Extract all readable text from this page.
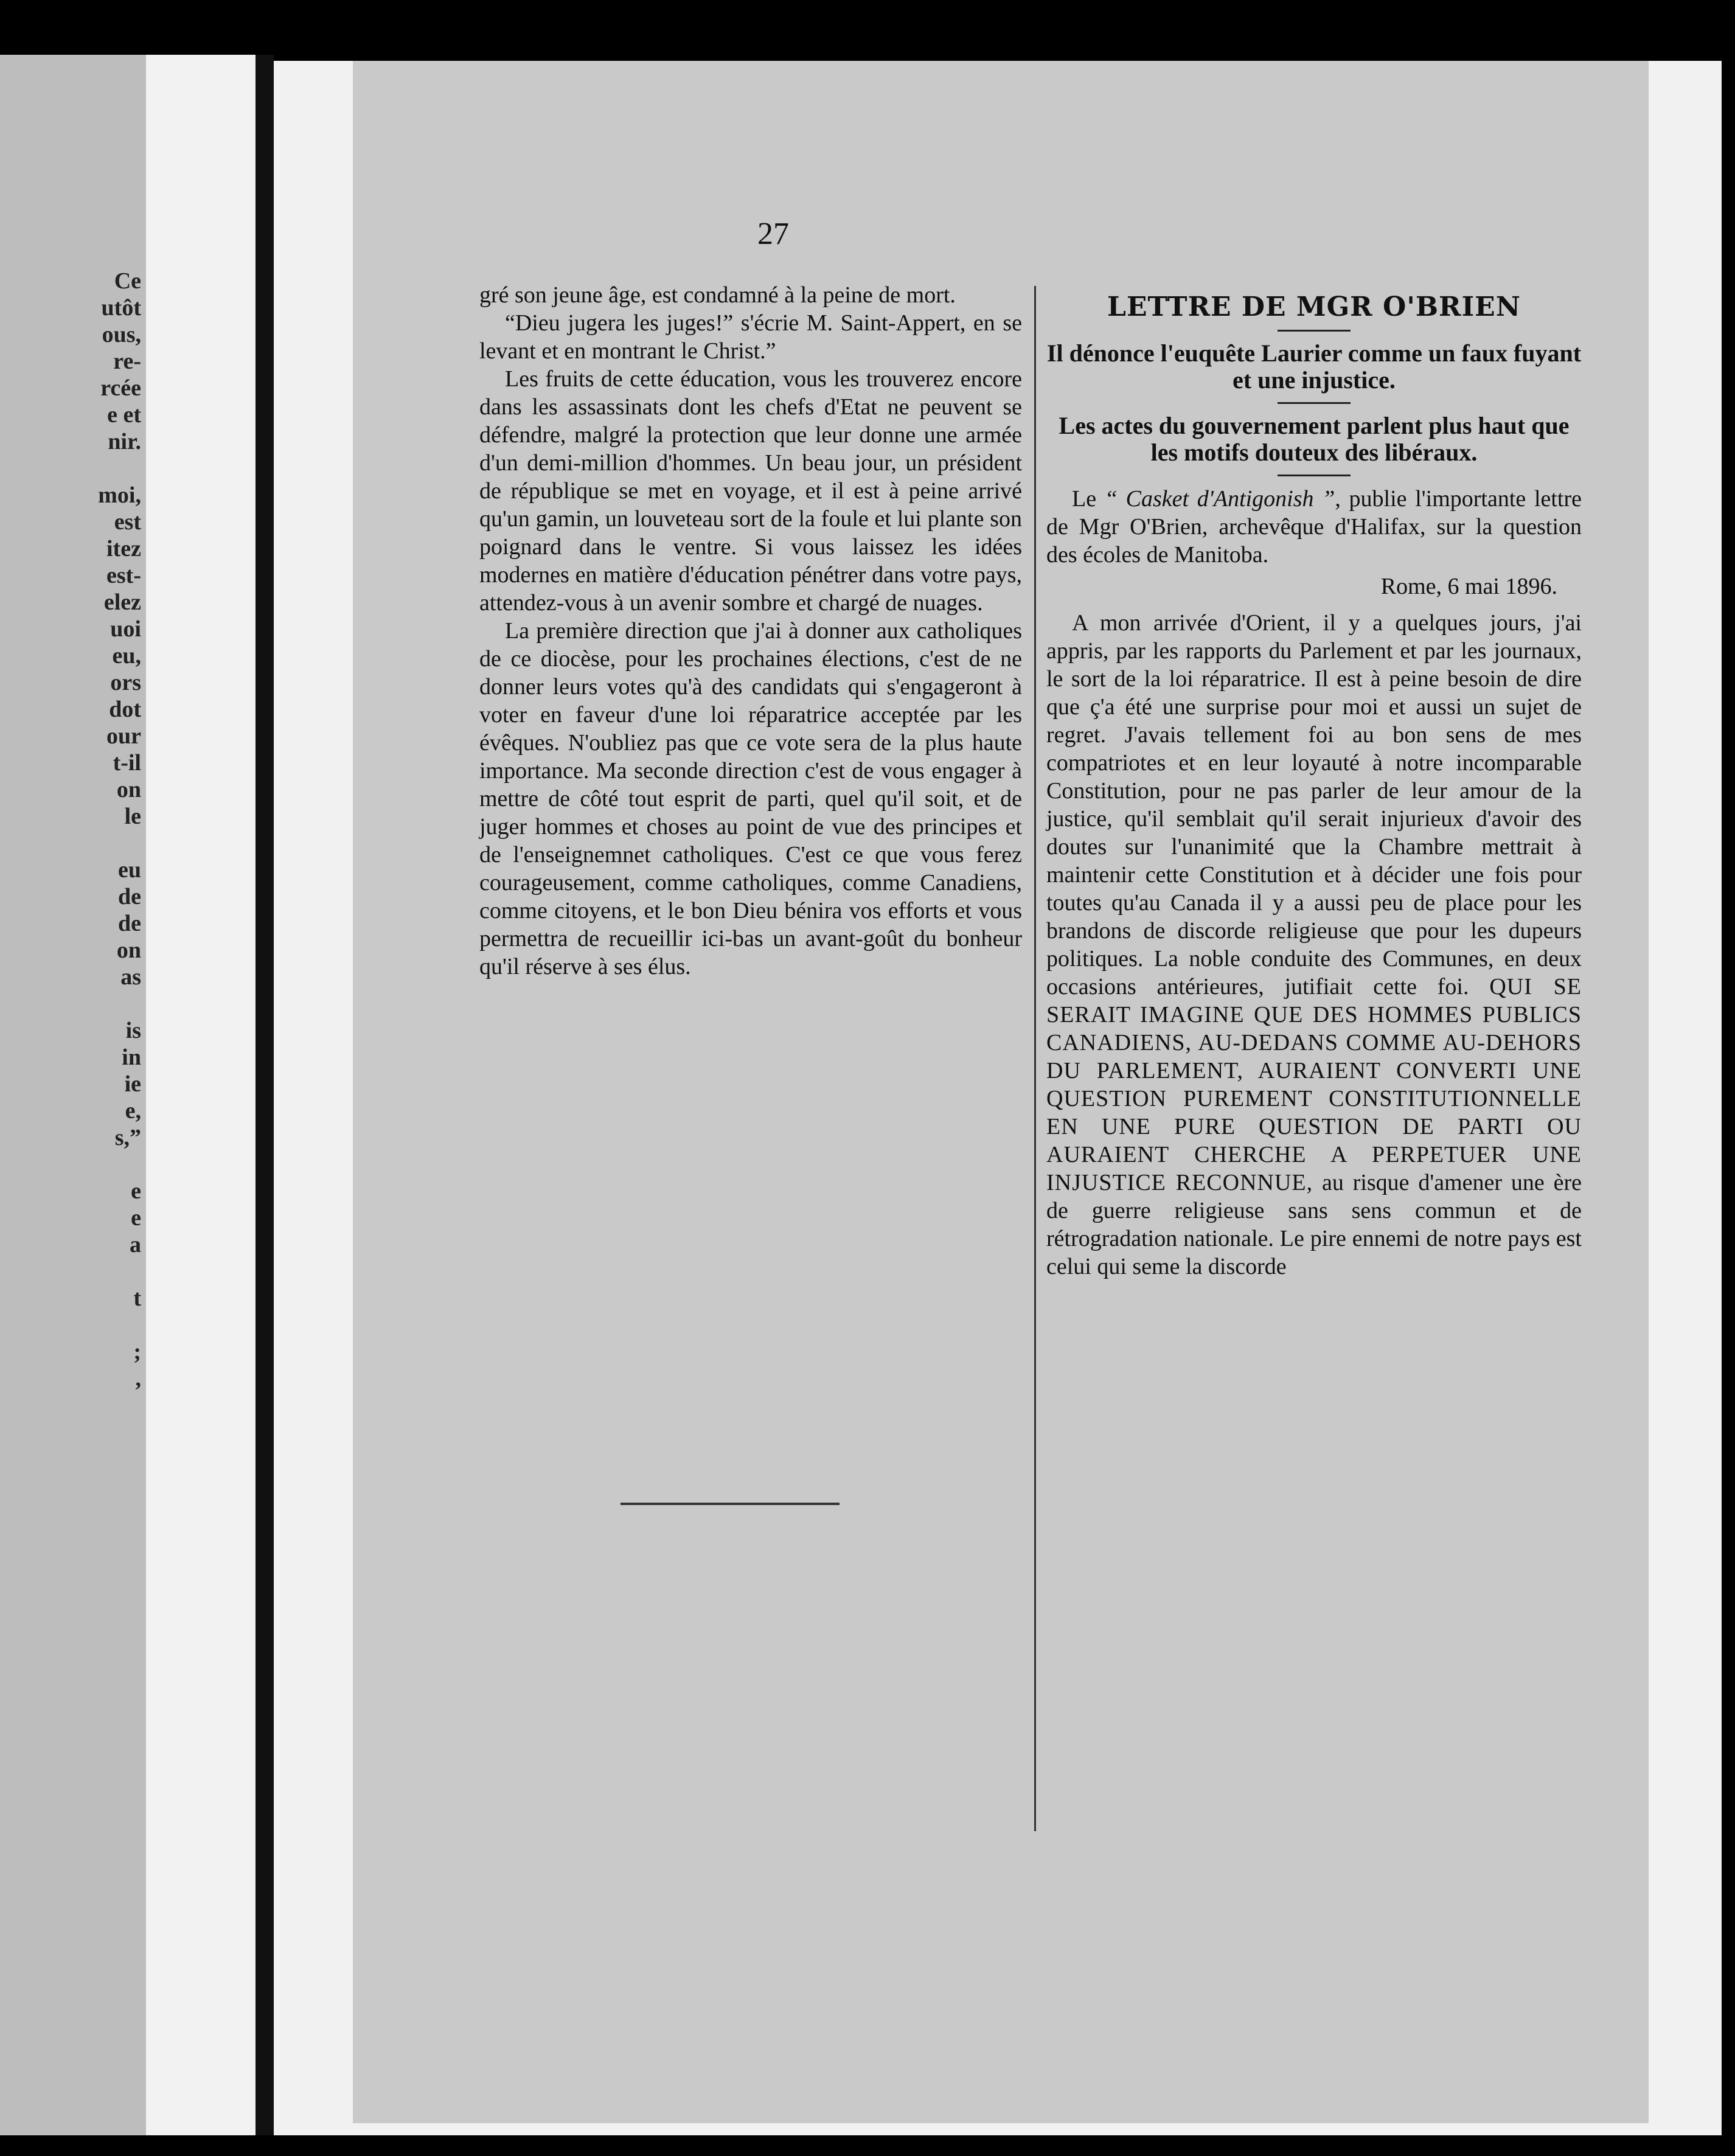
Ce
utôt
ous,
re-
rcée
e et
nir.
moi,
est
itez
est-
elez
uoi
eu,
ors
dot
our
t-il
on
le
eu
de
de
on
as
is
in
ie
e,
s,”
e
e
a
t
;
,
27

gré son jeune âge, est condamné à la peine de mort.

“Dieu jugera les juges!” s'écrie M. Saint-Appert, en se levant et en montrant le Christ.”

Les fruits de cette éducation, vous les trouverez encore dans les assassinats dont les chefs d'Etat ne peuvent se défendre, malgré la protection que leur donne une armée d'un demi-million d'hommes. Un beau jour, un président de république se met en voyage, et il est à peine arrivé qu'un gamin, un louveteau sort de la foule et lui plante son poignard dans le ventre. Si vous laissez les idées modernes en matière d'éducation pénétrer dans votre pays, attendez-vous à un avenir sombre et chargé de nuages.

La première direction que j'ai à donner aux catholiques de ce diocèse, pour les prochaines élections, c'est de ne donner leurs votes qu'à des candidats qui s'engageront à voter en faveur d'une loi réparatrice acceptée par les évêques. N'oubliez pas que ce vote sera de la plus haute importance. Ma seconde direction c'est de vous engager à mettre de côté tout esprit de parti, quel qu'il soit, et de juger hommes et choses au point de vue des principes et de l'enseignemnet catholiques. C'est ce que vous ferez courageusement, comme catholiques, comme Canadiens, comme citoyens, et le bon Dieu bénira vos efforts et vous permettra de recueillir ici-bas un avant-goût du bonheur qu'il réserve à ses élus.

LETTRE DE MGR O'BRIEN
Il dénonce l'euquête Laurier comme un faux fuyant et une injustice.
Les actes du gouvernement parlent plus haut que les motifs douteux des libéraux.

Le “ Casket d'Antigonish ”, publie l'importante lettre de Mgr O'Brien, archevêque d'Halifax, sur la question des écoles de Manitoba.

Rome, 6 mai 1896.

A mon arrivée d'Orient, il y a quelques jours, j'ai appris, par les rapports du Parlement et par les journaux, le sort de la loi réparatrice. Il est à peine besoin de dire que ç'a été une surprise pour moi et aussi un sujet de regret. J'avais tellement foi au bon sens de mes compatriotes et en leur loyauté à notre incomparable Constitution, pour ne pas parler de leur amour de la justice, qu'il semblait qu'il serait injurieux d'avoir des doutes sur l'unanimité que la Chambre mettrait à maintenir cette Constitution et à décider une fois pour toutes qu'au Canada il y a aussi peu de place pour les brandons de discorde religieuse que pour les dupeurs politiques. La noble conduite des Communes, en deux occasions antérieures, jutifiait cette foi. QUI SE SERAIT IMAGINE QUE DES HOMMES PUBLICS CANADIENS, AU-DEDANS COMME AU-DEHORS DU PARLEMENT, AURAIENT CONVERTI UNE QUESTION PUREMENT CONSTITUTIONNELLE EN UNE PURE QUESTION DE PARTI OU AURAIENT CHERCHE A PERPETUER UNE INJUSTICE RECONNUE, au risque d'amener une ère de guerre religieuse sans sens commun et de rétrogradation nationale. Le pire ennemi de notre pays est celui qui seme la discorde
